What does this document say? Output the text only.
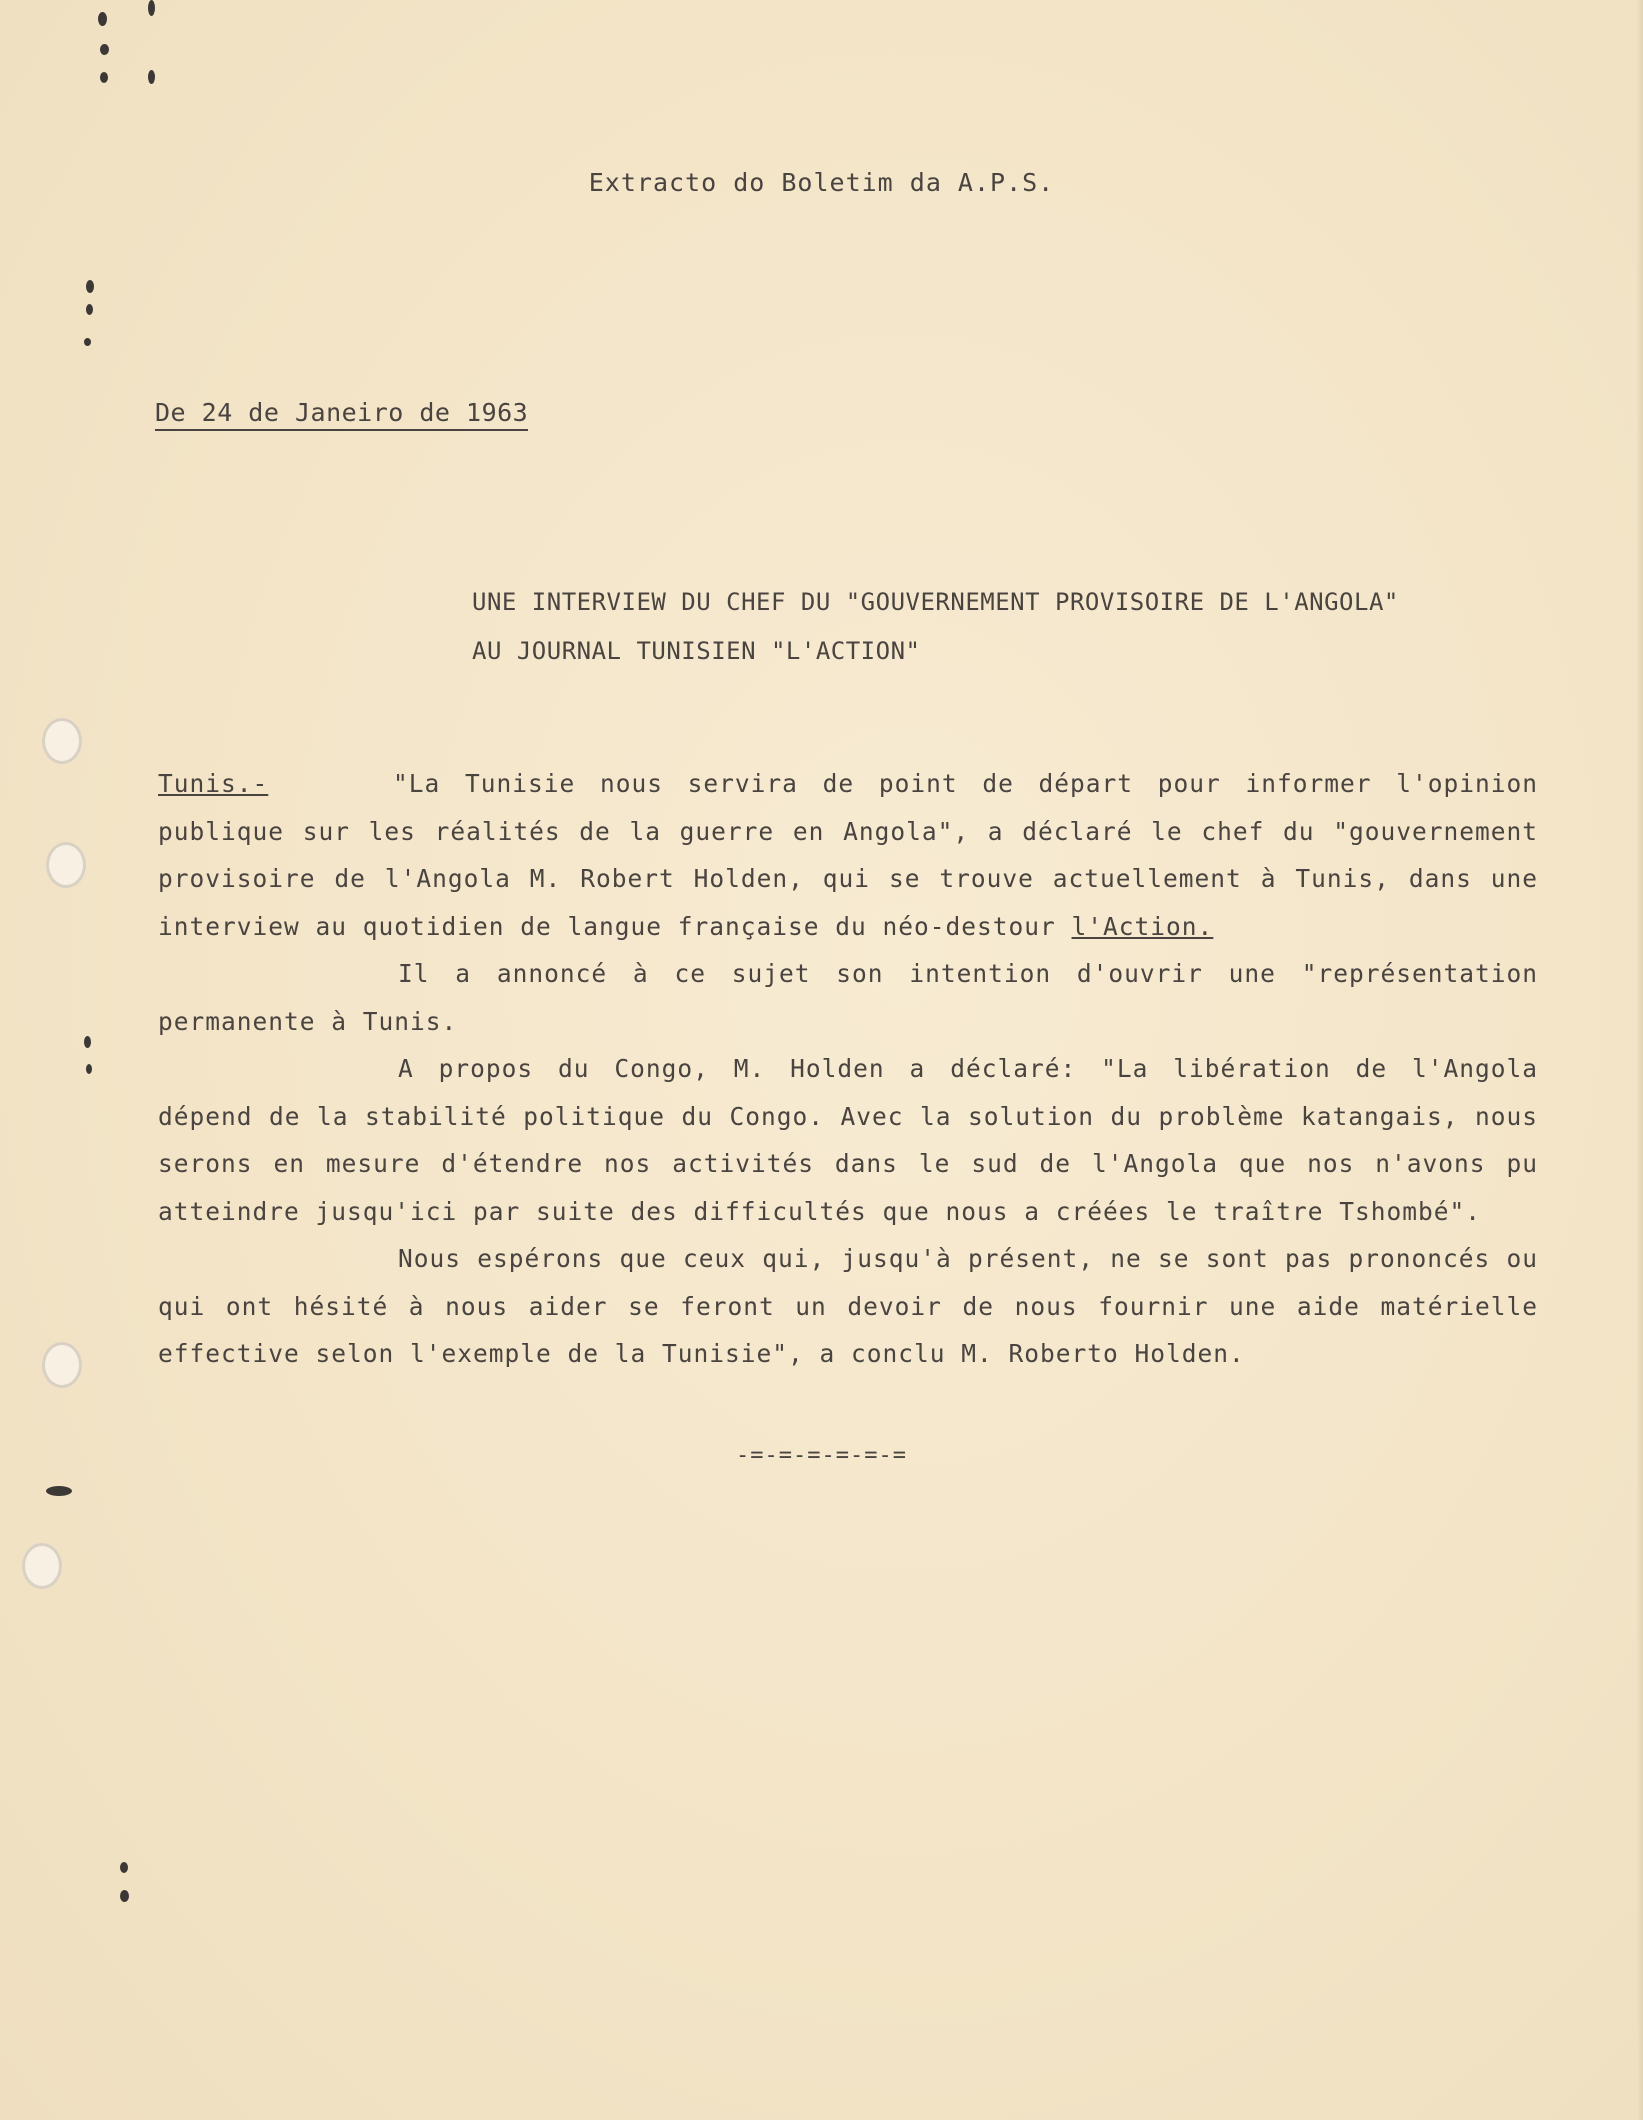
Extracto do Boletim da A.P.S.
De 24 de Janeiro de 1963
UNE INTERVIEW DU CHEF DU "GOUVERNEMENT PROVISOIRE DE L'ANGOLA"
AU JOURNAL TUNISIEN "L'ACTION"

Tunis.-	"La Tunisie nous servira de point de départ pour informer l'opinion publique sur les réalités de la guerre en Angola", a déclaré le chef du "gouvernement provisoire de l'Angola M. Robert Holden, qui se trouve actuellement à Tunis, dans une interview au quotidien de langue française du néo-destour l'Action.

Il a annoncé à ce sujet son intention d'ouvrir une "représentation permanente à Tunis.

A propos du Congo, M. Holden a déclaré: "La libération de l'Angola dépend de la stabilité politique du Congo. Avec la solution du problème katangais, nous serons en mesure d'étendre nos activités dans le sud de l'Angola que nos n'avons pu atteindre jusqu'ici par suite des difficultés que nous a créées le traître Tshombé".

Nous espérons que ceux qui, jusqu'à présent, ne se sont pas prononcés ou qui ont hésité à nous aider se feront un devoir de nous fournir une aide matérielle effective selon l'exemple de la Tunisie", a conclu M. Roberto Holden.

-=-=-=-=-=-=
